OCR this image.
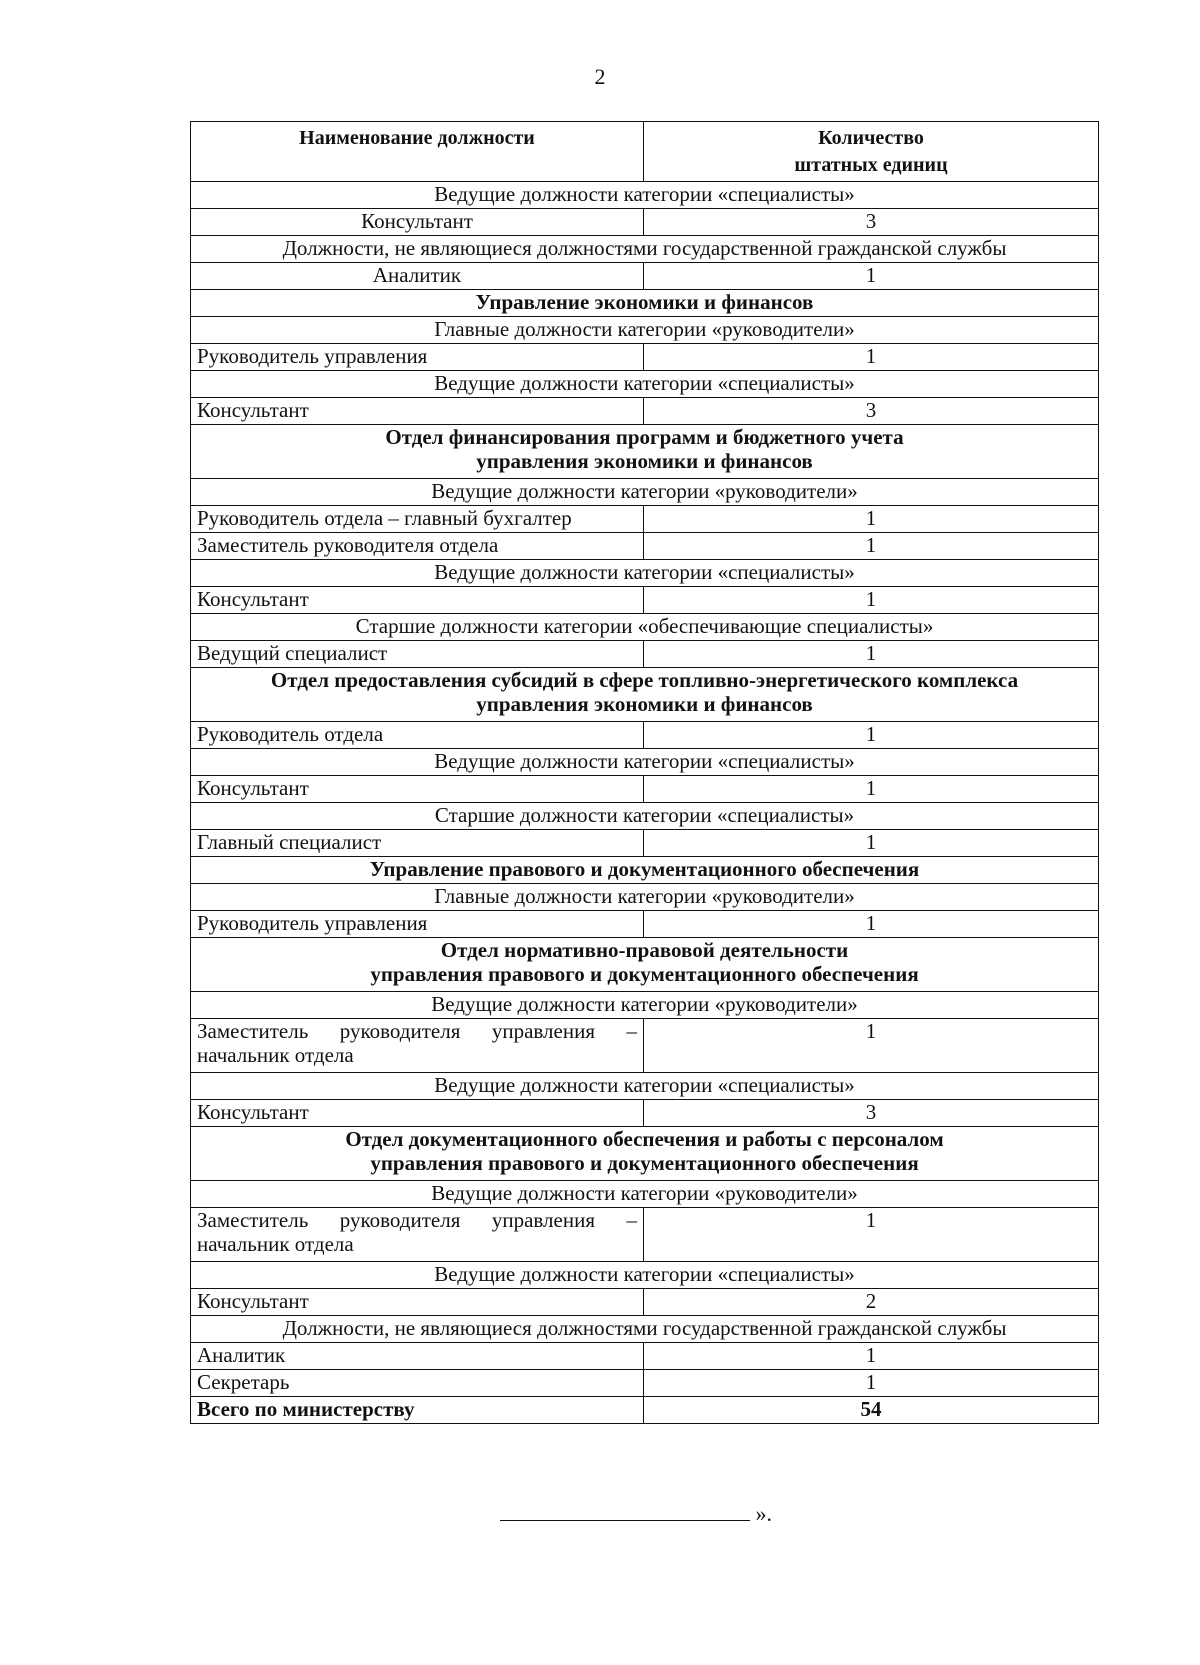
2
Наименование должности	Количество
штатных единиц

Ведущие должности категории «специалисты»	
Консультант	3
Должности, не являющиеся должностями государственной гражданской службы	
Аналитик	1

Управление экономики и финансов	

Главные должности категории «руководители»	
Руководитель управления	1
Ведущие должности категории «специалисты»	
Консультант	3

Отдел финансирования программ и бюджетного учета
управления экономики и финансов	

Ведущие должности категории «руководители»	
Руководитель отдела – главный бухгалтер	1
Заместитель руководителя отдела	1
Ведущие должности категории «специалисты»	
Консультант	1
Старшие должности категории «обеспечивающие специалисты»	
Ведущий специалист	1

Отдел предоставления субсидий в сфере топливно-энергетического комплекса
управления экономики и финансов	

Руководитель отдела	1
Ведущие должности категории «специалисты»	
Консультант	1
Старшие должности категории «специалисты»	
Главный специалист	1

Управление правового и документационного обеспечения	

Главные должности категории «руководители»	
Руководитель управления	1

Отдел нормативно-правовой деятельности
управления правового и документационного обеспечения	

Ведущие должности категории «руководители»	
Заместитель руководителя управления – начальник отдела	1
Ведущие должности категории «специалисты»	
Консультант	3

Отдел документационного обеспечения и работы с персоналом
управления правового и документационного обеспечения	

Ведущие должности категории «руководители»	
Заместитель руководителя управления – начальник отдела	1
Ведущие должности категории «специалисты»	
Консультант	2
Должности, не являющиеся должностями государственной гражданской службы	
Аналитик	1
Секретарь	1
Всего по министерству	54
».
